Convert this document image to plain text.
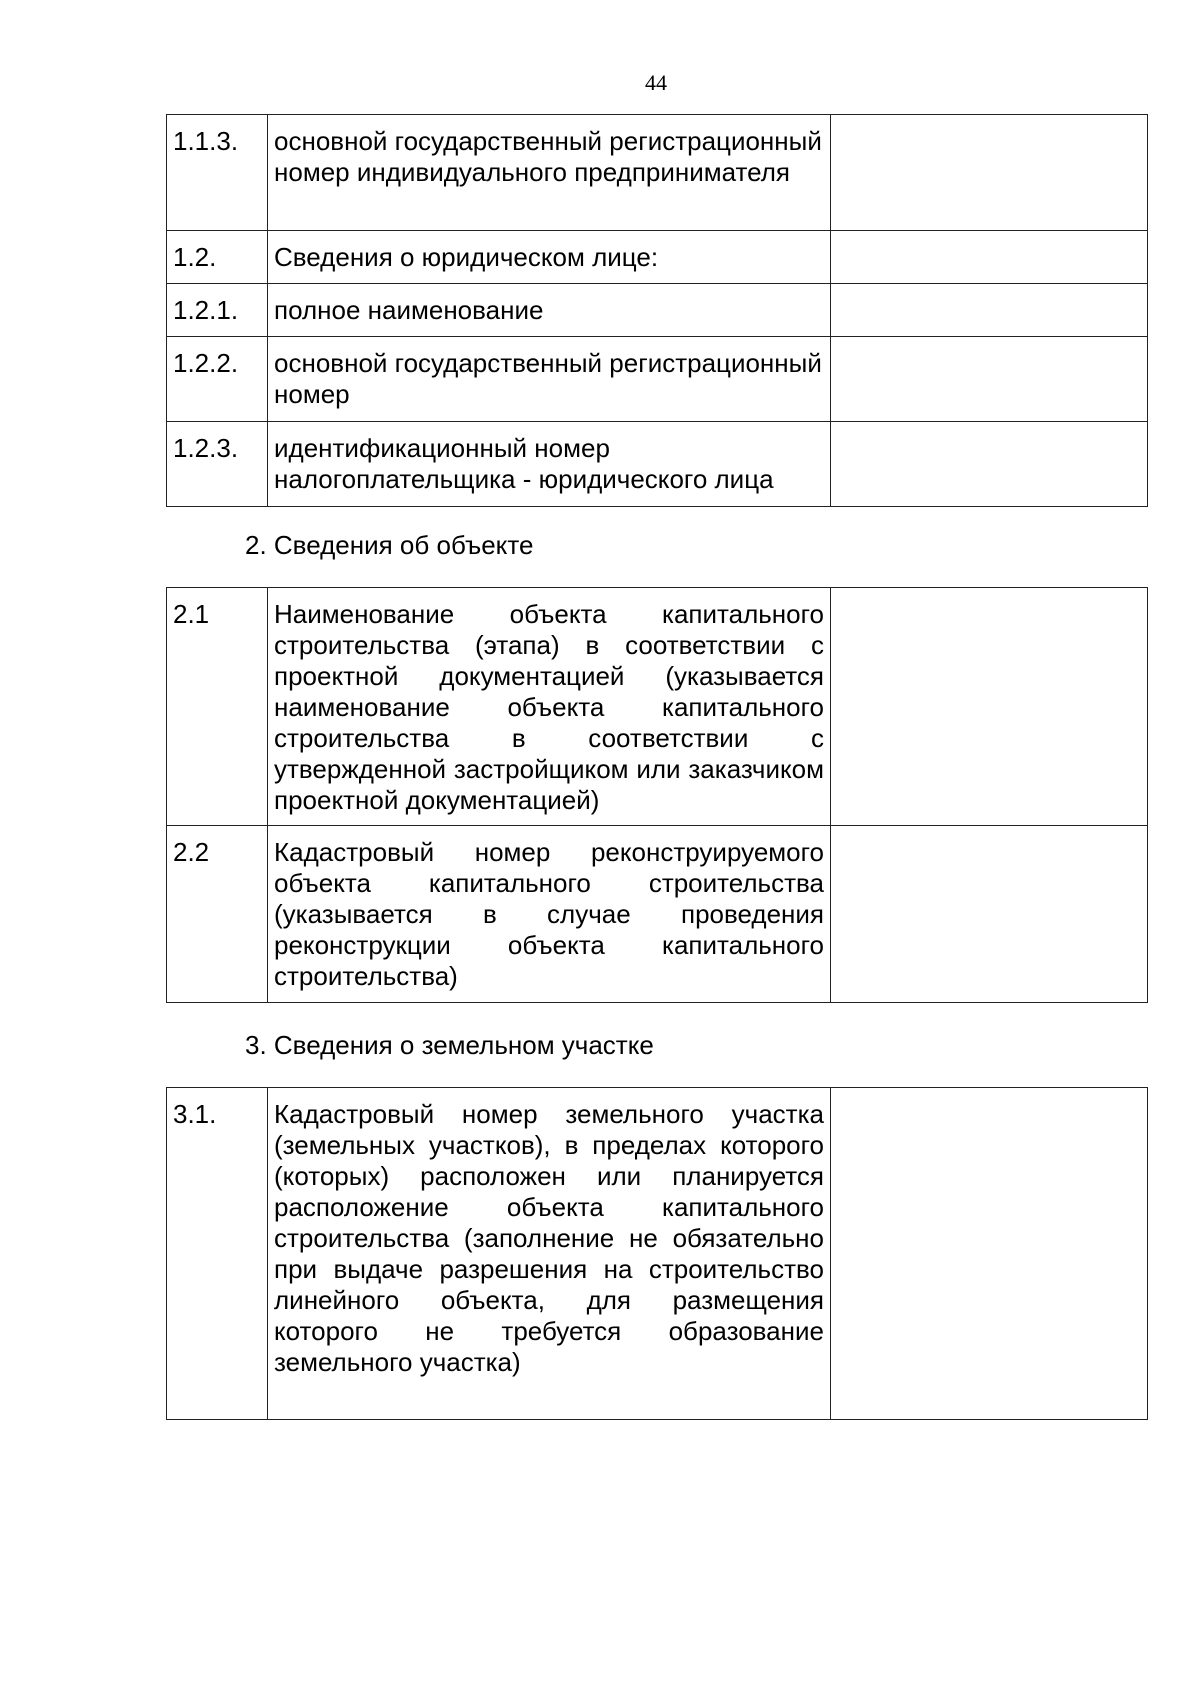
44
1.1.3.	основной государственный регистрационный номер индивидуального предпринимателя	
1.2.	Сведения о юридическом лице:	
1.2.1.	полное наименование	
1.2.2.	основной государственный регистрационный номер	
1.2.3.	идентификационный номер налогоплательщика - юридического лица	
2. Сведения об объекте
2.1	Наименование объекта капитального строительства (этапа) в соответствии с проектной документацией (указывается наименование объекта капитального строительства в соответствии с утвержденной застройщиком или заказчиком проектной документацией)	
2.2	Кадастровый номер реконструируемого объекта капитального строительства (указывается в случае проведения реконструкции объекта капитального строительства)	
3. Сведения о земельном участке
3.1.	Кадастровый номер земельного участка (земельных участков), в пределах которого (которых) расположен или планируется расположение объекта капитального строительства (заполнение не обязательно при выдаче разрешения на строительство линейного объекта, для размещения которого не требуется образование земельного участка)	
